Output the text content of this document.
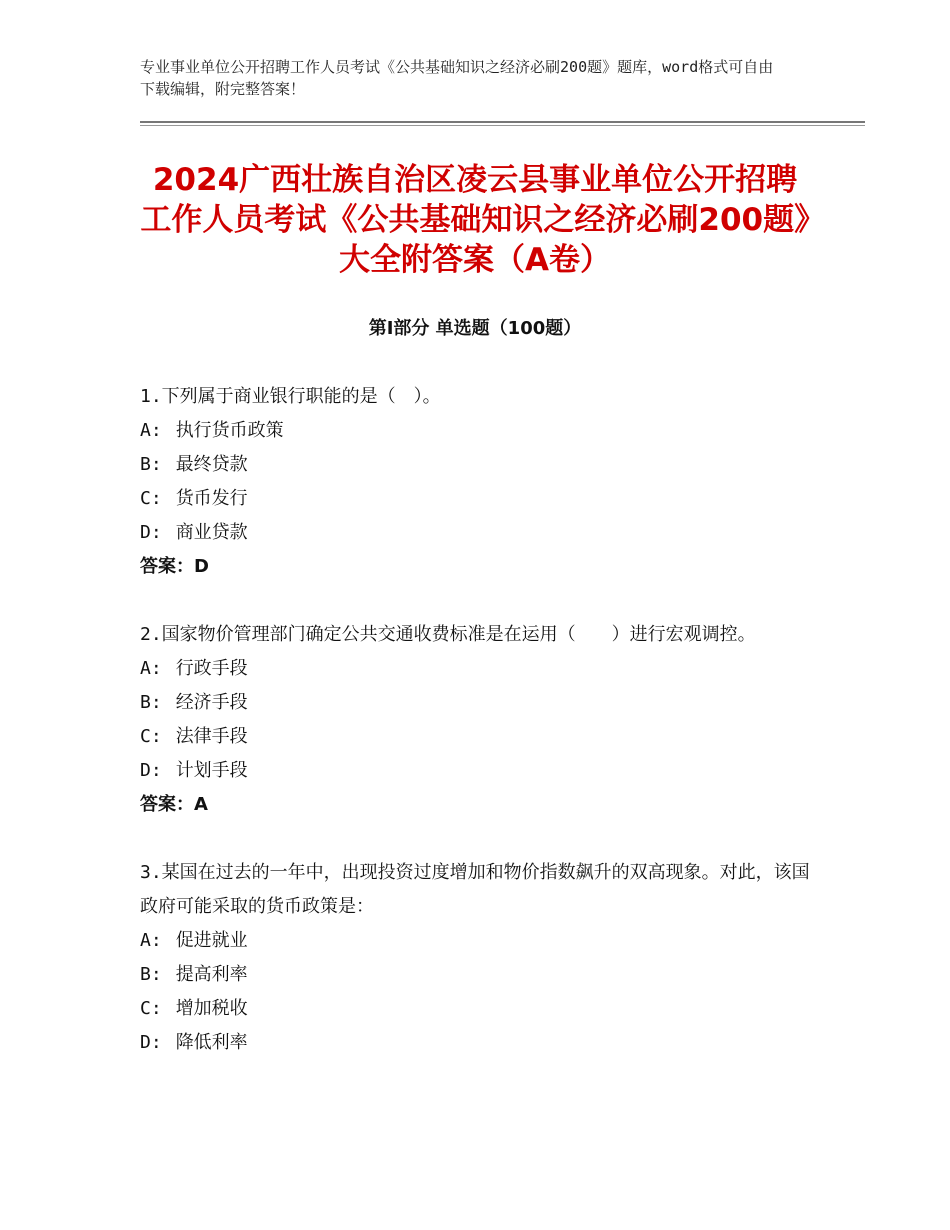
专业事业单位公开招聘工作人员考试《公共基础知识之经济必刷200题》题库，word格式可自由下载编辑，附完整答案！
2024广西壮族自治区凌云县事业单位公开招聘工作人员考试《公共基础知识之经济必刷200题》大全附答案（A卷）
第Ⅰ部分 单选题（100题）

1.下列属于商业银行职能的是（　）。

A: 执行货币政策

B: 最终贷款

C: 货币发行

D: 商业贷款

答案：D

2.国家物价管理部门确定公共交通收费标准是在运用（　　）进行宏观调控。

A: 行政手段

B: 经济手段

C: 法律手段

D: 计划手段

答案：A

3.某国在过去的一年中，出现投资过度增加和物价指数飙升的双高现象。对此，该国政府可能采取的货币政策是：

A: 促进就业

B: 提高利率

C: 增加税收

D: 降低利率
